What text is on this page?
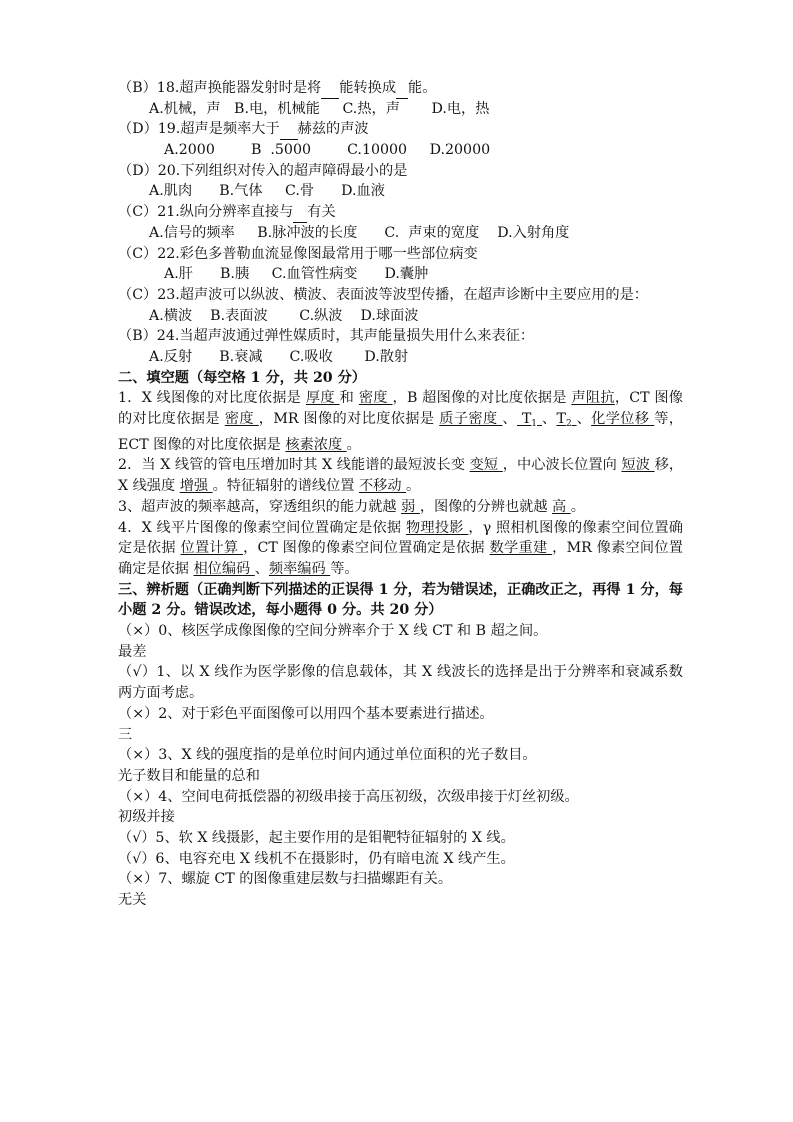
（B）18.超声换能器发射时是将 能转换成 能。
A.机械，声   B.电，机械能     C.热，声       D.电，热
（D）19.超声是频率大于 赫兹的声波
A.2000        B  .5000        C.10000     D.20000
（D）20.下列组织对传入的超声障碍最小的是
A.肌肉      B.气体     C.骨      D.血液
（C）21.纵向分辨率直接与 有关
A.信号的频率     B.脉冲波的长度      C.  声束的宽度    D.入射角度
（C）22.彩色多普勒血流显像图最常用于哪一些部位病变
A.肝      B.胰     C.血管性病变      D.囊肿
（C）23.超声波可以纵波、横波、表面波等波型传播，在超声诊断中主要应用的是：
A.横波    B.表面波       C.纵波    D.球面波
（B）24.当超声波通过弹性媒质时，其声能量损失用什么来表征：
A.反射      B.衰减      C.吸收       D.散射
二、填空题（每空格 1 分，共 20 分）
1．X 线图像的对比度依据是 厚度 和 密度 ，B 超图像的对比度依据是 声阻抗，CT 图像的对比度依据是 密度 ，MR 图像的对比度依据是 质子密度 、 $T_1$ 、$T_2$ 、化学位移 等，ECT 图像的对比度依据是 核素浓度 。
2．当 X 线管的管电压增加时其 X 线能谱的最短波长变 变短 ，中心波长位置向 短波 移，X 线强度 增强 。特征辐射的谱线位置 不移动 。
3、超声波的频率越高，穿透组织的能力就越 弱 ，图像的分辨也就越 高 。
4．X 线平片图像的像素空间位置确定是依据 物理投影 ，γ 照相机图像的像素空间位置确定是依据 位置计算 ，CT 图像的像素空间位置确定是依据 数学重建 ，MR 像素空间位置确定是依据 相位编码 、频率编码 等。
三、辨析题（正确判断下列描述的正误得 1 分，若为错误述，正确改正之，再得 1 分，每小题 2 分。错误改述，每小题得 0 分。共 20 分）
（×）0、核医学成像图像的空间分辨率介于 X 线 CT 和 B 超之间。
最差
（√）1、以 X 线作为医学影像的信息载体，其 X 线波长的选择是出于分辨率和衰减系数两方面考虑。
（×）2、对于彩色平面图像可以用四个基本要素进行描述。
三
（×）3、X 线的强度指的是单位时间内通过单位面积的光子数目。
光子数目和能量的总和
（×）4、空间电荷抵偿器的初级串接于高压初级，次级串接于灯丝初级。
初级并接
（√）5、软 X 线摄影，起主要作用的是钼靶特征辐射的 X 线。
（√）6、电容充电 X 线机不在摄影时，仍有暗电流 X 线产生。
（×）7、螺旋 CT 的图像重建层数与扫描螺距有关。
无关
